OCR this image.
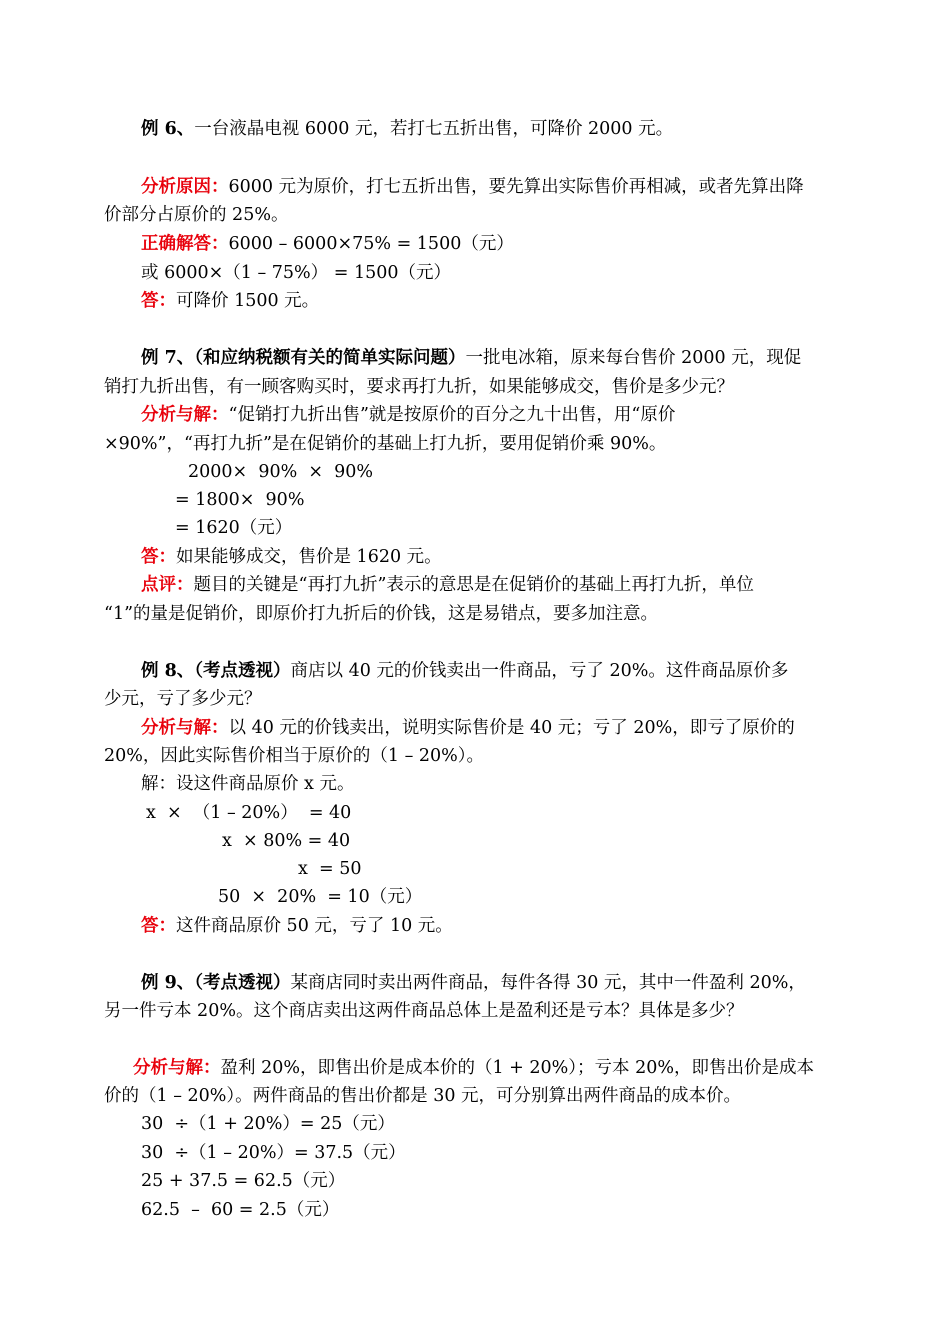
例 6、一台液晶电视 6000 元，若打七五折出售，可降价 2000 元。
分析原因：6000 元为原价，打七五折出售，要先算出实际售价再相减，或者先算出降
价部分占原价的 25%。
正确解答：6000 – 6000×75% = 1500（元）
或 6000×（1 – 75%） = 1500（元）
答：可降价 1500 元。
例 7、（和应纳税额有关的简单实际问题）一批电冰箱，原来每台售价 2000 元，现促
销打九折出售，有一顾客购买时，要求再打九折，如果能够成交，售价是多少元？
分析与解：“促销打九折出售”就是按原价的百分之九十出售，用“原价
×90%”，“再打九折”是在促销价的基础上打九折，要用促销价乘 90%。
2000×  90%  ×  90%
= 1800×  90%
= 1620（元）
答：如果能够成交，售价是 1620 元。
点评：题目的关键是“再打九折”表示的意思是在促销价的基础上再打九折，单位
“1”的量是促销价，即原价打九折后的价钱，这是易错点，要多加注意。
例 8、（考点透视）商店以 40 元的价钱卖出一件商品，亏了 20%。这件商品原价多
少元，亏了多少元？
分析与解：以 40 元的价钱卖出，说明实际售价是 40 元；亏了 20%，即亏了原价的
20%，因此实际售价相当于原价的（1 – 20%）。
解：设这件商品原价 x 元。
x  ×  （1 – 20%）  = 40
x  × 80% = 40
x  = 50
50  ×  20%  = 10（元）
答：这件商品原价 50 元，亏了 10 元。
例 9、（考点透视）某商店同时卖出两件商品，每件各得 30 元，其中一件盈利 20%，
另一件亏本 20%。这个商店卖出这两件商品总体上是盈利还是亏本？具体是多少？
分析与解：盈利 20%，即售出价是成本价的（1 + 20%）；亏本 20%，即售出价是成本
价的（1 – 20%）。两件商品的售出价都是 30 元，可分别算出两件商品的成本价。
30  ÷（1 + 20%）= 25（元）
30  ÷（1 – 20%）= 37.5（元）
25 + 37.5 = 62.5（元）
62.5  –  60 = 2.5（元）
